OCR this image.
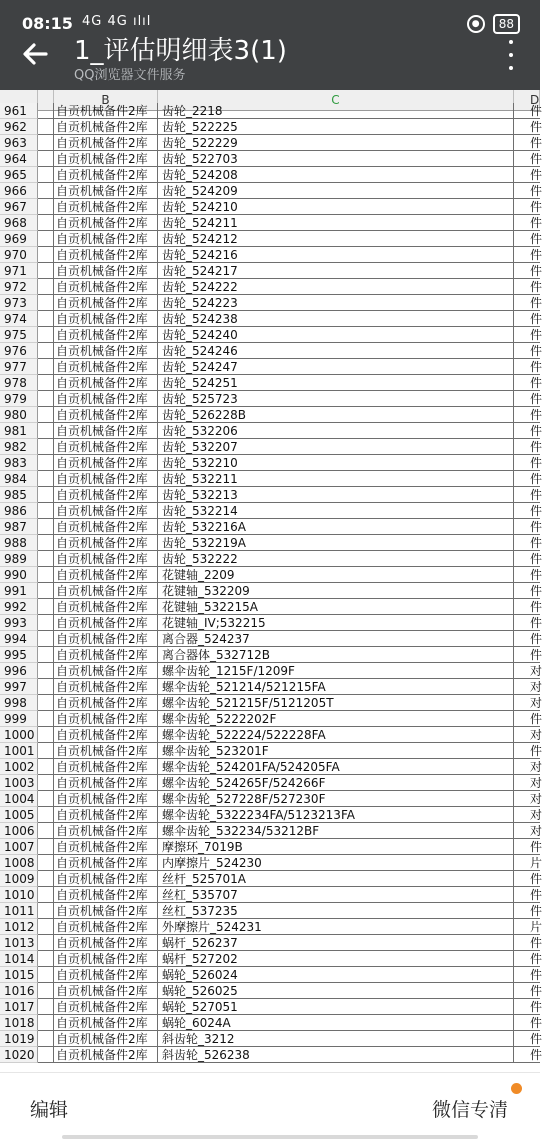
08:15 4G 4G ılıl	●	88
1_评估明细表3(1)
QQ浏览器文件服务
B	C	D
961	自贡机械备件2库	齿轮_2218	件
962	自贡机械备件2库	齿轮_522225	件
963	自贡机械备件2库	齿轮_522229	件
964	自贡机械备件2库	齿轮_522703	件
965	自贡机械备件2库	齿轮_524208	件
966	自贡机械备件2库	齿轮_524209	件
967	自贡机械备件2库	齿轮_524210	件
968	自贡机械备件2库	齿轮_524211	件
969	自贡机械备件2库	齿轮_524212	件
970	自贡机械备件2库	齿轮_524216	件
971	自贡机械备件2库	齿轮_524217	件
972	自贡机械备件2库	齿轮_524222	件
973	自贡机械备件2库	齿轮_524223	件
974	自贡机械备件2库	齿轮_524238	件
975	自贡机械备件2库	齿轮_524240	件
976	自贡机械备件2库	齿轮_524246	件
977	自贡机械备件2库	齿轮_524247	件
978	自贡机械备件2库	齿轮_524251	件
979	自贡机械备件2库	齿轮_525723	件
980	自贡机械备件2库	齿轮_526228B	件
981	自贡机械备件2库	齿轮_532206	件
982	自贡机械备件2库	齿轮_532207	件
983	自贡机械备件2库	齿轮_532210	件
984	自贡机械备件2库	齿轮_532211	件
985	自贡机械备件2库	齿轮_532213	件
986	自贡机械备件2库	齿轮_532214	件
987	自贡机械备件2库	齿轮_532216A	件
988	自贡机械备件2库	齿轮_532219A	件
989	自贡机械备件2库	齿轮_532222	件
990	自贡机械备件2库	花键轴_2209	件
991	自贡机械备件2库	花键轴_532209	件
992	自贡机械备件2库	花键轴_532215A	件
993	自贡机械备件2库	花键轴_IV;532215	件
994	自贡机械备件2库	离合器_524237	件
995	自贡机械备件2库	离合器体_532712B	件
996	自贡机械备件2库	螺伞齿轮_1215F/1209F	对
997	自贡机械备件2库	螺伞齿轮_521214/521215FA	对
998	自贡机械备件2库	螺伞齿轮_521215F/5121205T	对
999	自贡机械备件2库	螺伞齿轮_5222202F	件
1000 自贡机械备件2库	螺伞齿轮_522224/522228FA	对
1001 自贡机械备件2库	螺伞齿轮_523201F	件
1002 自贡机械备件2库	螺伞齿轮_524201FA/524205FA	对
1003 自贡机械备件2库	螺伞齿轮_524265F/524266F	对
1004 自贡机械备件2库	螺伞齿轮_527228F/527230F	对
1005 自贡机械备件2库	螺伞齿轮_5322234FA/5123213FA	对
1006 自贡机械备件2库	螺伞齿轮_532234/53212BF	对
1007 自贡机械备件2库	摩擦环_7019B	件
1008 自贡机械备件2库	内摩擦片_524230	片
1009 自贡机械备件2库	丝杆_525701A	件
1010 自贡机械备件2库	丝杠_535707	件
1011 自贡机械备件2库	丝杠_537235	件
1012 自贡机械备件2库	外摩擦片_524231	片
1013 自贡机械备件2库	蜗杆_526237	件
1014 自贡机械备件2库	蜗杆_527202	件
1015 自贡机械备件2库	蜗轮_526024	件
1016 自贡机械备件2库	蜗轮_526025	件
1017 自贡机械备件2库	蜗轮_527051	件
1018 自贡机械备件2库	蜗轮_6024A	件
1019 自贡机械备件2库	斜齿轮_3212	件
1020 自贡机械备件2库	斜齿轮_526238	件
编辑	微信专清
